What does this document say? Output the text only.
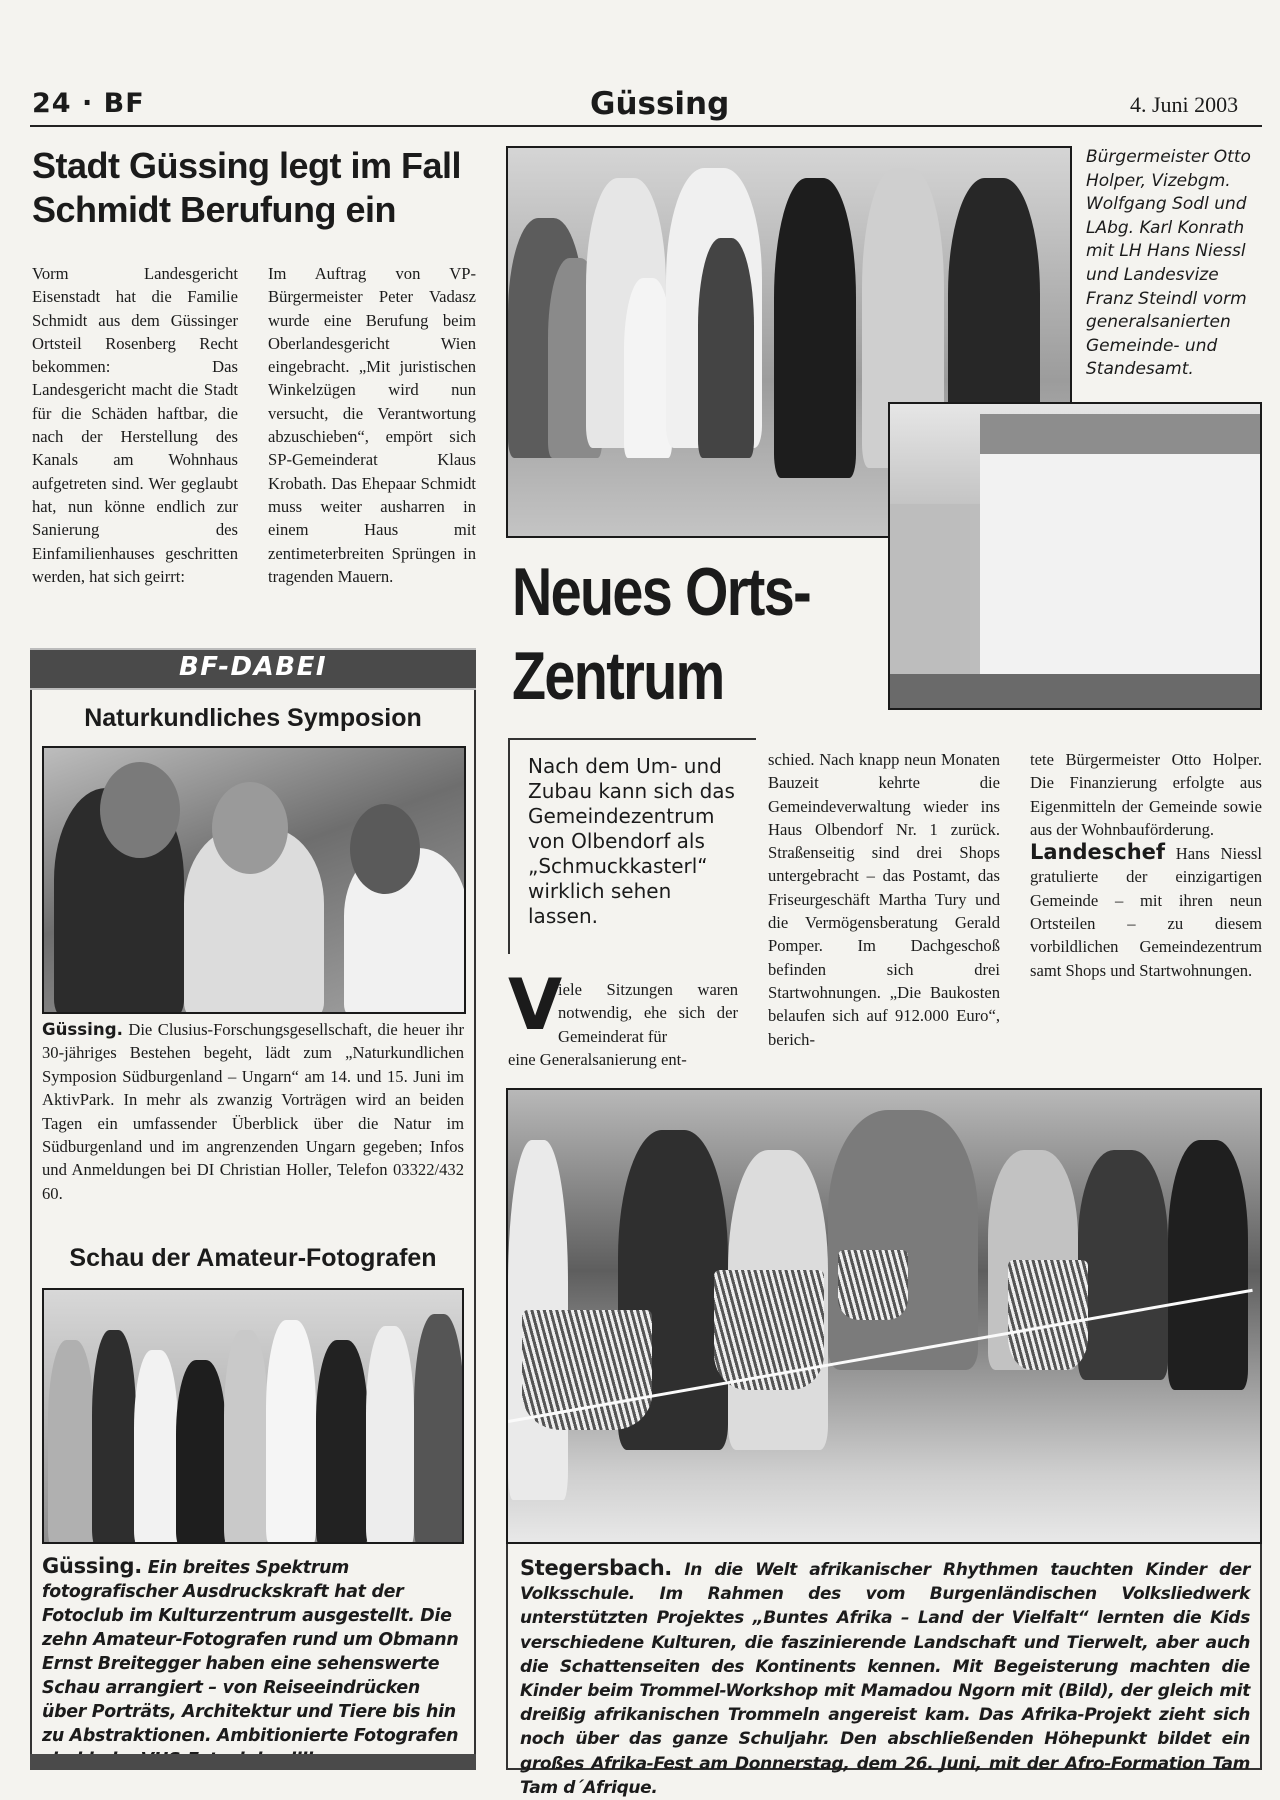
24 · BF	Güssing	4. Juni 2003
Stadt Güssing legt im Fall Schmidt Berufung ein
Vorm Landesgericht Eisenstadt hat die Familie Schmidt aus dem Güssinger Ortsteil Rosenberg Recht bekommen: Das Landesgericht macht die Stadt für die Schäden haftbar, die nach der Herstellung des Kanals am Wohnhaus aufgetreten sind. Wer geglaubt hat, nun könne endlich zur Sanierung des Einfamilienhauses geschritten werden, hat sich geirrt:
Im Auftrag von VP-Bürgermeister Peter Vadasz wurde eine Berufung beim Oberlandesgericht Wien eingebracht. „Mit juristischen Winkelzügen wird nun versucht, die Verantwortung abzuschieben“, empört sich SP-Gemeinderat Klaus Krobath. Das Ehepaar Schmidt muss weiter ausharren in einem Haus mit zentimeterbreiten Sprüngen in tragenden Mauern.
BF-DABEI
Naturkundliches Symposion
Güssing. Die Clusius-Forschungsgesellschaft, die heuer ihr 30-jähriges Bestehen begeht, lädt zum „Naturkundlichen Symposion Südburgenland – Ungarn“ am 14. und 15. Juni im AktivPark. In mehr als zwanzig Vorträgen wird an beiden Tagen ein umfassender Überblick über die Natur im Südburgenland und im angrenzenden Ungarn gegeben; Infos und Anmeldungen bei DI Christian Holler, Telefon 03322/432 60.
Schau der Amateur-Fotografen
Güssing. Ein breites Spektrum fotografischer Ausdruckskraft hat der Fotoclub im Kulturzentrum ausgestellt. Die zehn Amateur-Fotografen rund um Obmann Ernst Breitegger haben eine sehenswerte Schau arrangiert – von Reiseeindrücken über Porträts, Architektur und Tiere bis hin zu Abstraktionen. Ambitionierte Fotografen
Bürgermeister Otto Holper, Vizebgm. Wolfgang Sodl und LAbg. Karl Konrath mit LH Hans Niessl und Landesvize Franz Steindl vorm generalsanierten Gemeinde- und Standesamt.
Neues Orts-
Zentrum
Nach dem Um- und Zubau kann sich das Gemeindezentrum von Olbendorf als „Schmuckkasterl“ wirklich sehen lassen.
V
iele Sitzungen waren notwendig, ehe sich der Gemeinderat für
eine Generalsanierung ent-
schied. Nach knapp neun Monaten Bauzeit kehrte die Gemeindeverwaltung wieder ins Haus Olbendorf Nr. 1 zurück. Straßenseitig sind drei Shops untergebracht – das Postamt, das Friseurgeschäft Martha Tury und die Vermögensberatung Gerald Pomper. Im Dachgeschoß befinden sich drei Startwohnungen. „Die Baukosten belaufen sich auf 912.000 Euro“, berich-
tete Bürgermeister Otto Holper. Die Finanzierung erfolgte aus Eigenmitteln der Gemeinde sowie aus der Wohnbauförderung.
Landeschef Hans Niessl gratulierte der einzigartigen Gemeinde – mit ihren neun Ortsteilen – zu diesem vorbildlichen Gemeindezentrum samt Shops und Startwohnungen.
Stegersbach. In die Welt afrikanischer Rhythmen tauchten Kinder der Volksschule. Im Rahmen des vom Burgenländischen Volksliedwerk unterstützten Projektes „Buntes Afrika – Land der Vielfalt“ lernten die Kids verschiedene Kulturen, die faszinierende Landschaft und Tierwelt, aber auch die Schattenseiten des Kontinents kennen. Mit Begeisterung machten die Kinder beim Trommel-Workshop mit Mamadou Ngorn mit (Bild), der gleich mit dreißig afrikanischen Trommeln angereist kam. Das Afrika-Projekt zieht sich noch über das ganze Schuljahr. Den abschließenden Höhepunkt bildet ein großes Afrika-Fest am Donnerstag, dem 26. Juni, mit der Afro-Formation Tam Tam d´Afrique.
